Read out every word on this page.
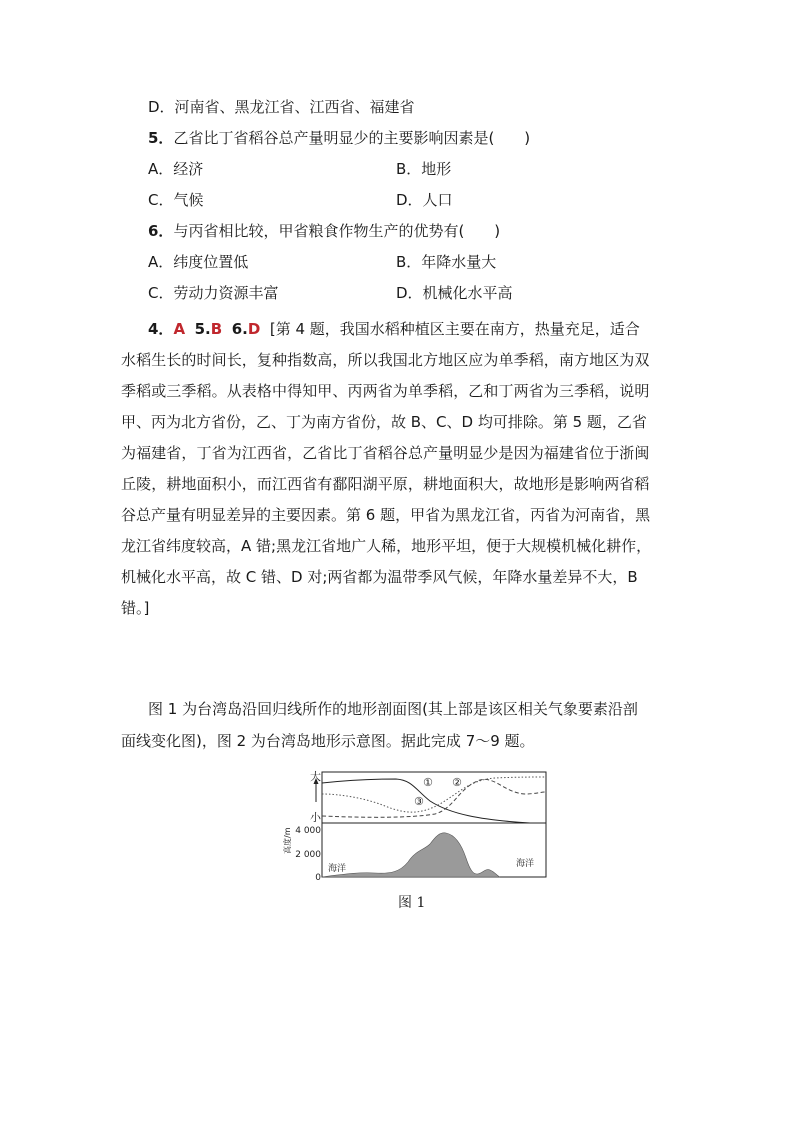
D．河南省、黑龙江省、江西省、福建省
5．乙省比丁省稻谷总产量明显少的主要影响因素是(　　)
A．经济	B．地形
C．气候	D．人口
6．与丙省相比较，甲省粮食作物生产的优势有(　　)
A．纬度位置低	B．年降水量大
C．劳动力资源丰富	D．机械化水平高
4．A 5.B 6.D [第 4 题，我国水稻种植区主要在南方，热量充足，适合
水稻生长的时间长，复种指数高，所以我国北方地区应为单季稻，南方地区为双
季稻或三季稻。从表格中得知甲、丙两省为单季稻，乙和丁两省为三季稻，说明
甲、丙为北方省份，乙、丁为南方省份，故 B、C、D 均可排除。第 5 题，乙省
为福建省，丁省为江西省，乙省比丁省稻谷总产量明显少是因为福建省位于浙闽
丘陵，耕地面积小，而江西省有鄱阳湖平原，耕地面积大，故地形是影响两省稻
谷总产量有明显差异的主要因素。第 6 题，甲省为黑龙江省，丙省为河南省，黑
龙江省纬度较高，A 错;黑龙江省地广人稀，地形平坦，便于大规模机械化耕作，
机械化水平高，故 C 错、D 对;两省都为温带季风气候，年降水量差异不大，B
错。]
图 1 为台湾岛沿回归线所作的地形剖面图(其上部是该区相关气象要素沿剖
面线变化图)，图 2 为台湾岛地形示意图。据此完成 7～9 题。
大
小
① ②
③
高度/m 4 000
2 000
0
海洋	海洋
图 1
